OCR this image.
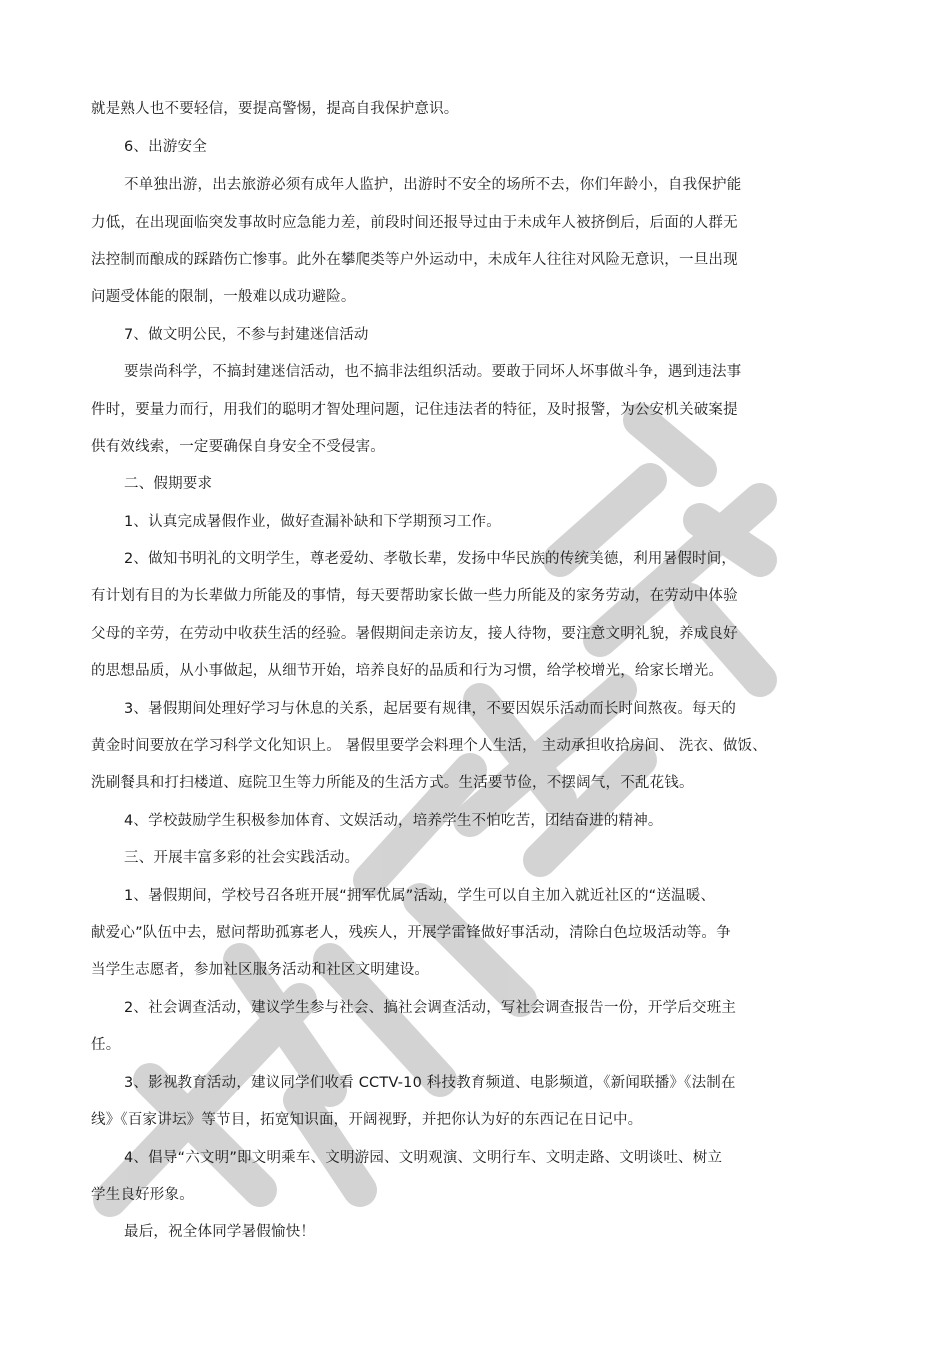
就是熟人也不要轻信，要提高警惕，提高自我保护意识。
6、出游安全
不单独出游，出去旅游必须有成年人监护，出游时不安全的场所不去，你们年龄小，自我保护能
力低，在出现面临突发事故时应急能力差，前段时间还报导过由于未成年人被挤倒后，后面的人群无
法控制而酿成的踩踏伤亡惨事。此外在攀爬类等户外运动中，未成年人往往对风险无意识，一旦出现
问题受体能的限制，一般难以成功避险。
7、做文明公民，不参与封建迷信活动
要崇尚科学，不搞封建迷信活动，也不搞非法组织活动。要敢于同坏人坏事做斗争，遇到违法事
件时，要量力而行，用我们的聪明才智处理问题，记住违法者的特征，及时报警，为公安机关破案提
供有效线索，一定要确保自身安全不受侵害。
二、假期要求
1、认真完成暑假作业，做好查漏补缺和下学期预习工作。
2、做知书明礼的文明学生，尊老爱幼、孝敬长辈，发扬中华民族的传统美德，利用暑假时间，
有计划有目的为长辈做力所能及的事情，每天要帮助家长做一些力所能及的家务劳动，在劳动中体验
父母的辛劳，在劳动中收获生活的经验。暑假期间走亲访友，接人待物，要注意文明礼貌，养成良好
的思想品质，从小事做起，从细节开始，培养良好的品质和行为习惯，给学校增光，给家长增光。
3、暑假期间处理好学习与休息的关系，起居要有规律，不要因娱乐活动而长时间熬夜。每天的
黄金时间要放在学习科学文化知识上。 暑假里要学会料理个人生活， 主动承担收拾房间、 洗衣、做饭、
洗刷餐具和打扫楼道、庭院卫生等力所能及的生活方式。生活要节俭，不摆阔气，不乱花钱。
4、学校鼓励学生积极参加体育、文娱活动，培养学生不怕吃苦，团结奋进的精神。
三、开展丰富多彩的社会实践活动。
1、暑假期间，学校号召各班开展“拥军优属”活动，学生可以自主加入就近社区的“送温暖、
献爱心”队伍中去，慰问帮助孤寡老人，残疾人，开展学雷锋做好事活动，清除白色垃圾活动等。争
当学生志愿者，参加社区服务活动和社区文明建设。
2、社会调查活动，建议学生参与社会、搞社会调查活动，写社会调查报告一份，开学后交班主
任。
3、影视教育活动，建议同学们收看 CCTV-10 科技教育频道、电影频道，《新闻联播》《法制在
线》《百家讲坛》等节目，拓宽知识面，开阔视野，并把你认为好的东西记在日记中。
4、倡导“六文明”即文明乘车、文明游园、文明观演、文明行车、文明走路、文明谈吐、树立
学生良好形象。
最后，祝全体同学暑假愉快！
